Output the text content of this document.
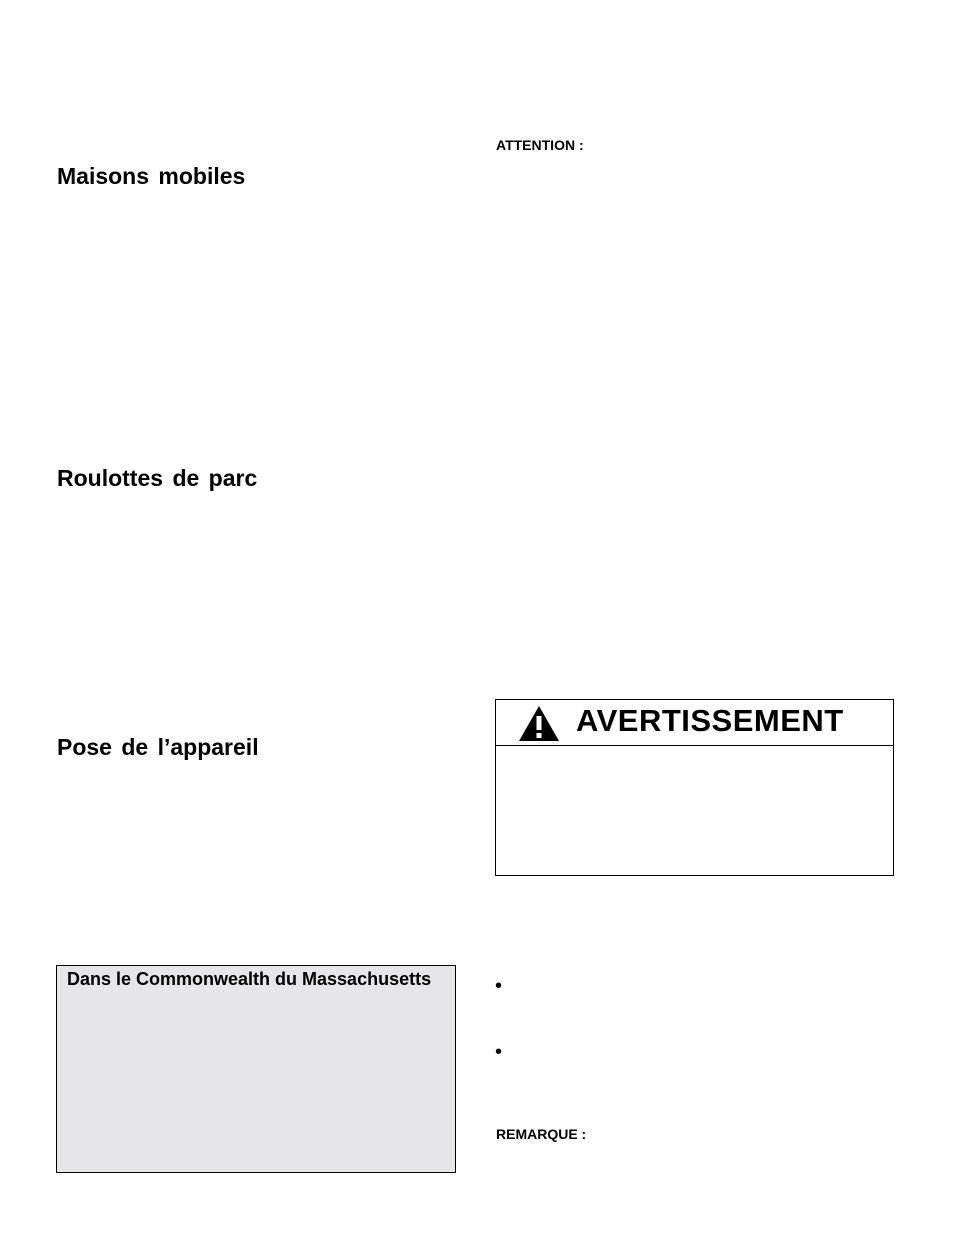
Maisons mobiles
Roulottes de parc
Pose de l’appareil

Dans le Commonwealth du Massachusetts

ATTENTION :

AVERTISSEMENT

•
•

REMARQUE :
